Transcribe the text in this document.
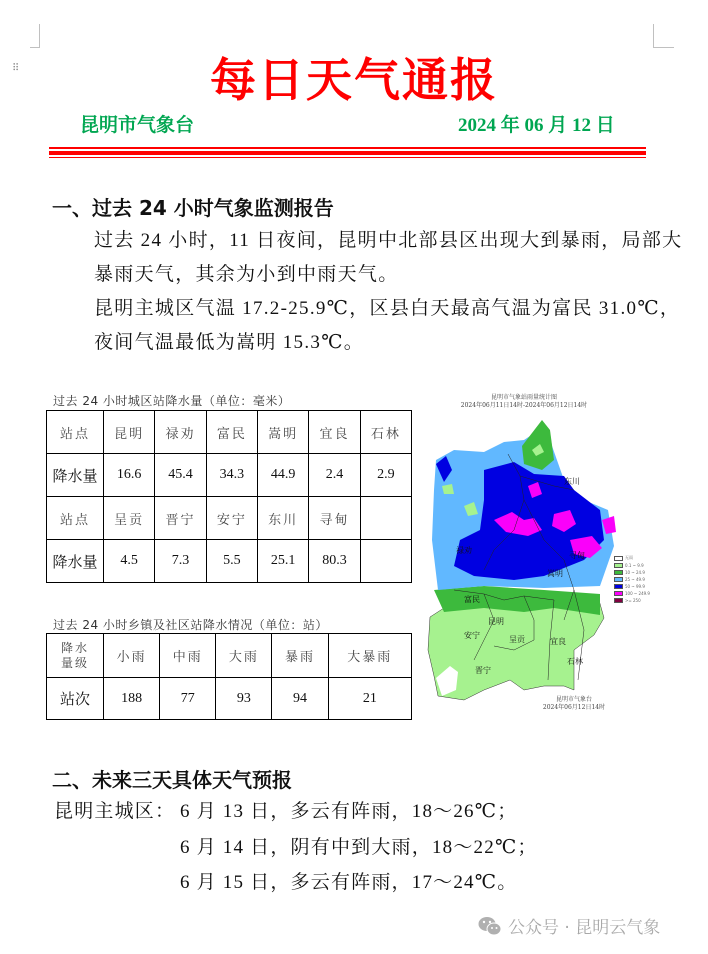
⠿	每日天气通报
昆明市气象台	2024 年 06 月 12 日
一、过去 24 小时气象监测报告
过去 24 小时，11 日夜间，昆明中北部县区出现大到暴雨，局部大暴雨天气，其余为小到中雨天气。
昆明主城区气温 17.2-25.9℃，区县白天最高气温为富民 31.0℃，夜间气温最低为嵩明 15.3℃。
过去 24 小时城区站降水量（单位：毫米）
站点	昆明	禄劝	富民	嵩明	宜良	石林
降水量	16.6	45.4	34.3	44.9	2.4	2.9
站点	呈贡	晋宁	安宁	东川	寻甸	
降水量	4.5	7.3	5.5	25.1	80.3	
过去 24 小时乡镇及社区站降水情况（单位：站）
降水
量级	小雨	中雨	大雨	暴雨	大暴雨
站次	188	77	93	94	21
昆明市气象站雨量统计图
2024年06月11日14时-2024年06月12日14时
东川
禄劝
寻甸
嵩明
富民
昆明
安宁	呈贡	宜良
石林
晋宁
无雨
0.1 ~ 9.9
10 ~ 24.9
25 ~ 49.9
50 ~ 99.9
100 ~ 249.9
>= 250
昆明市气象台
2024年06月12日14时
二、未来三天具体天气预报
昆明主城区： 6 月 13 日，多云有阵雨，18～26℃；
6 月 14 日，阴有中到大雨，18～22℃；
6 月 15 日，多云有阵雨，17～24℃。
公众号 · 昆明云气象
